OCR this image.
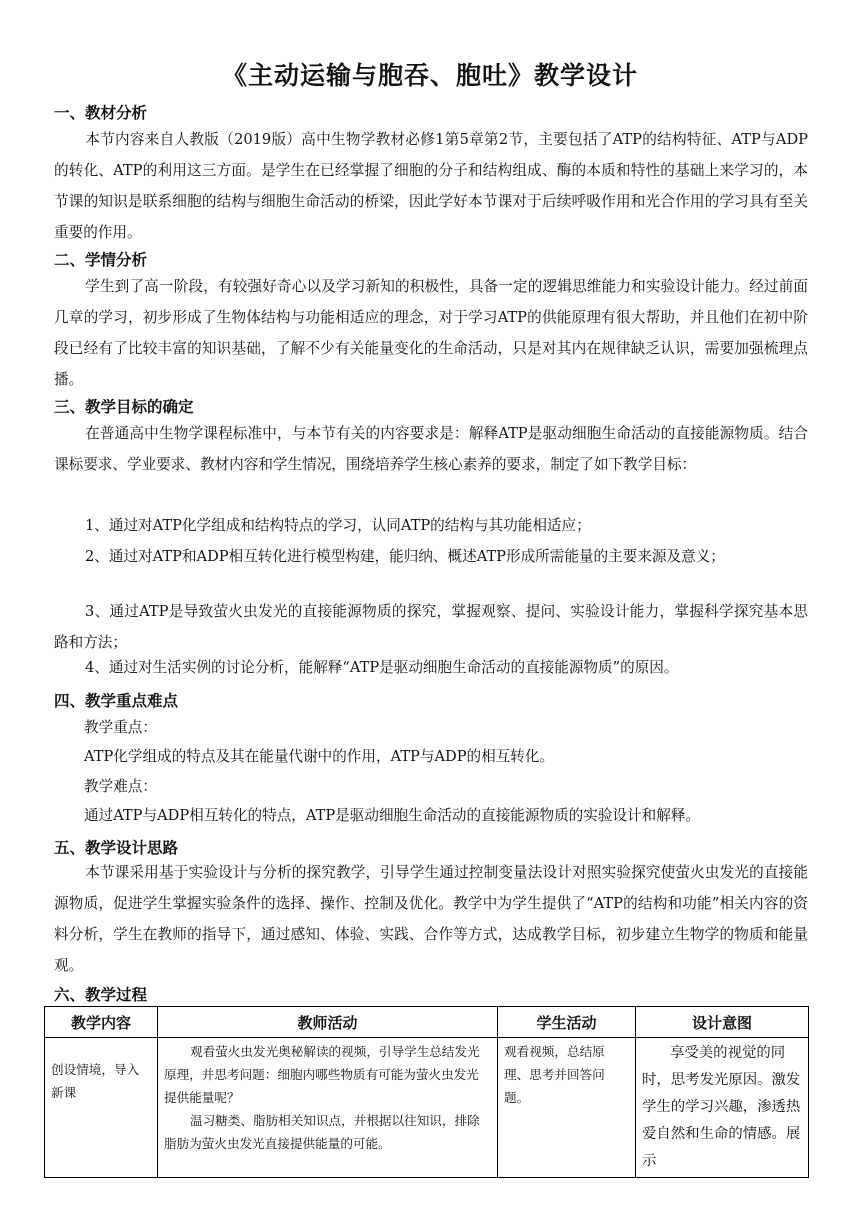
《主动运输与胞吞、胞吐》教学设计
一、教材分析
本节内容来自人教版（2019版）高中生物学教材必修1第5章第2节，主要包括了ATP的结构特征、ATP与ADP的转化、ATP的利用这三方面。是学生在已经掌握了细胞的分子和结构组成、酶的本质和特性的基础上来学习的，本节课的知识是联系细胞的结构与细胞生命活动的桥梁，因此学好本节课对于后续呼吸作用和光合作用的学习具有至关重要的作用。
二、学情分析
学生到了高一阶段，有较强好奇心以及学习新知的积极性，具备一定的逻辑思维能力和实验设计能力。经过前面几章的学习，初步形成了生物体结构与功能相适应的理念，对于学习ATP的供能原理有很大帮助，并且他们在初中阶段已经有了比较丰富的知识基础，了解不少有关能量变化的生命活动，只是对其内在规律缺乏认识，需要加强梳理点播。
三、教学目标的确定
在普通高中生物学课程标准中，与本节有关的内容要求是：解释ATP是驱动细胞生命活动的直接能源物质。结合课标要求、学业要求、教材内容和学生情况，围绕培养学生核心素养的要求，制定了如下教学目标：
1、通过对ATP化学组成和结构特点的学习，认同ATP的结构与其功能相适应；
2、通过对ATP和ADP相互转化进行模型构建，能归纳、概述ATP形成所需能量的主要来源及意义；
3、通过ATP是导致萤火虫发光的直接能源物质的探究，掌握观察、提问、实验设计能力，掌握科学探究基本思路和方法；
4、通过对生活实例的讨论分析，能解释“ATP是驱动细胞生命活动的直接能源物质”的原因。
四、教学重点难点
教学重点：
ATP化学组成的特点及其在能量代谢中的作用，ATP与ADP的相互转化。
教学难点：
通过ATP与ADP相互转化的特点，ATP是驱动细胞生命活动的直接能源物质的实验设计和解释。
五、教学设计思路
本节课采用基于实验设计与分析的探究教学，引导学生通过控制变量法设计对照实验探究使萤火虫发光的直接能源物质，促进学生掌握实验条件的选择、操作、控制及优化。教学中为学生提供了“ATP的结构和功能”相关内容的资料分析，学生在教师的指导下，通过感知、体验、实践、合作等方式，达成教学目标，初步建立生物学的物质和能量观。
六、教学过程
教学内容	教师活动	学生活动	设计意图
创设情境，导入新课	观看萤火虫发光奥秘解读的视频，引导学生总结发光原理，并思考问题：细胞内哪些物质有可能为萤火虫发光提供能量呢？
温习糖类、脂肪相关知识点，并根据以往知识，排除脂肪为萤火虫发光直接提供能量的可能。	观看视频，总结原理、思考并回答问题。	享受美的视觉的同时，思考发光原因。激发学生的学习兴趣，渗透热爱自然和生命的情感。展示
